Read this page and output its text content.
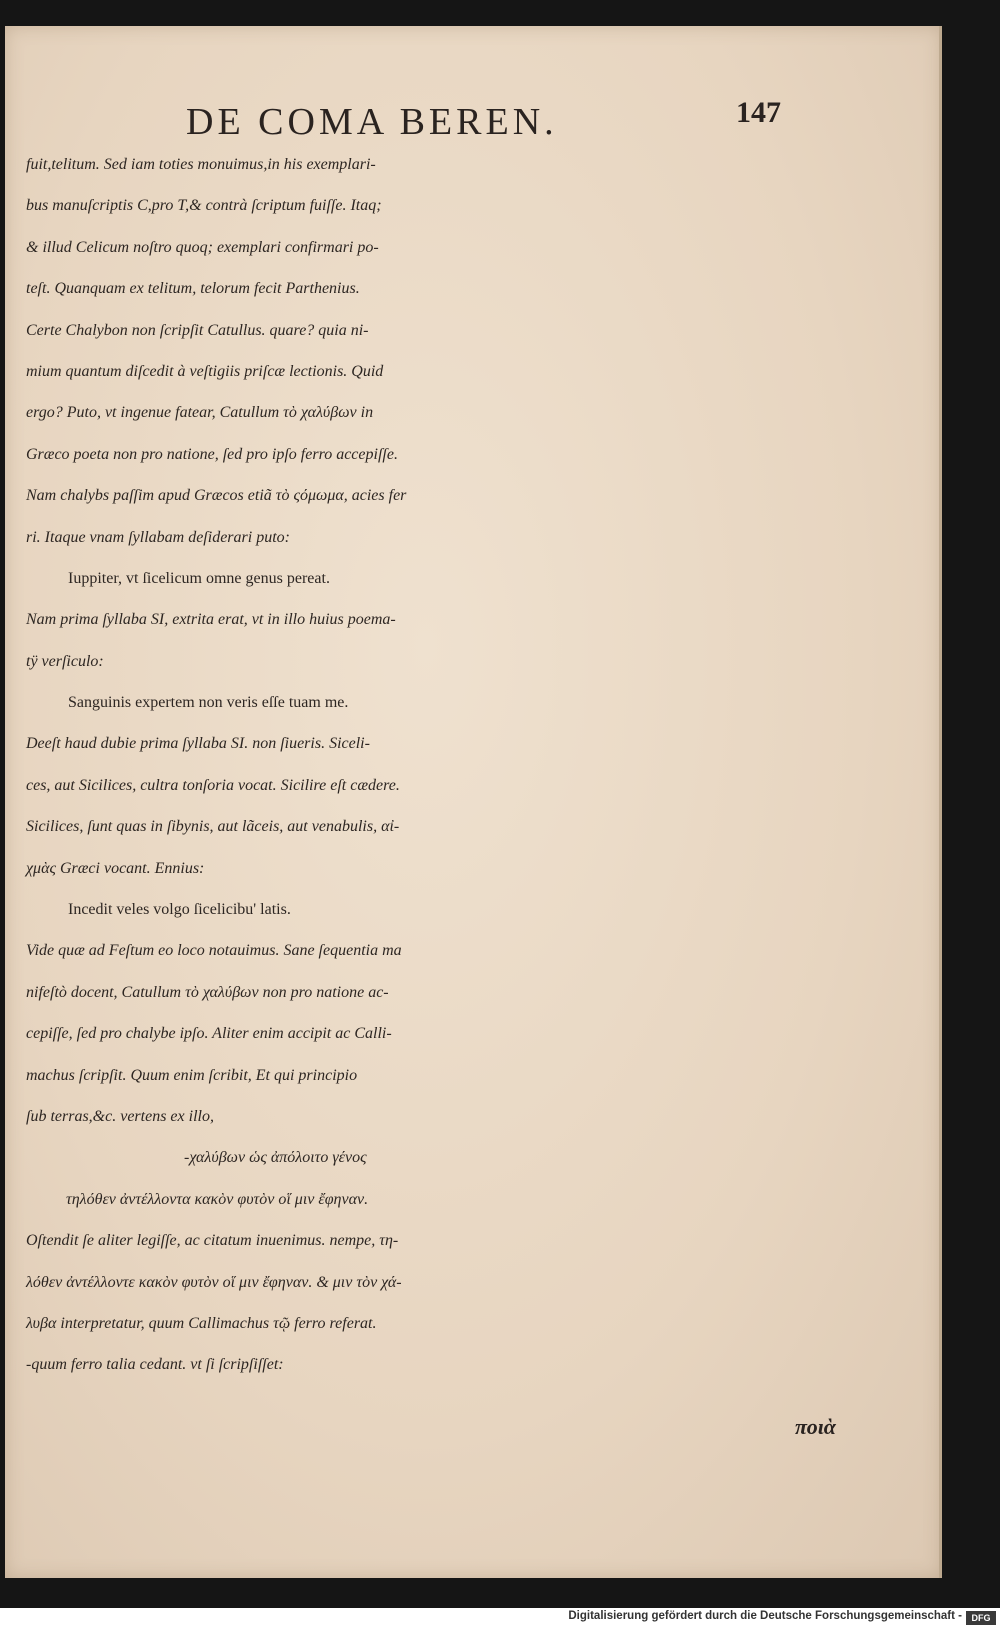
DE COMA BEREN.	147
fuit,telitum. Sed iam toties monuimus,in his exemplari-
bus manuſcriptis C,pro T,& contrà ſcriptum fuiſſe. Itaq;
& illud Celicum noſtro quoq; exemplari confirmari po-
teſt. Quanquam ex telitum, telorum fecit Parthenius.
Certe Chalybon non ſcripſit Catullus. quare? quia ni-
mium quantum diſcedit à veſtigiis priſcæ lectionis. Quid
ergo? Puto, vt ingenue fatear, Catullum τὸ χαλύβων in
Græco poeta non pro natione, ſed pro ipſo ferro accepiſſe.
Nam chalybs paſſim apud Græcos etiã τὸ ςόμωμα, acies fer
ri. Itaque vnam ſyllabam deſiderari puto:
Iuppiter, vt ſicelicum omne genus pereat.
Nam prima ſyllaba SI, extrita erat, vt in illo huius poema-
tÿ verſiculo:
Sanguinis expertem non veris eſſe tuam me.
Deeſt haud dubie prima ſyllaba SI. non ſiueris. Siceli-
ces, aut Sicilices, cultra tonſoria vocat. Sicilire eſt cædere.
Sicilices, ſunt quas in ſibynis, aut lãceis, aut venabulis, αἰ-
χμὰς Græci vocant. Ennius:
Incedit veles volgo ſicelicibu' latis.
Vide quæ ad Feſtum eo loco notauimus. Sane ſequentia ma
nifeſtò docent, Catullum τὸ χαλύβων non pro natione ac-
cepiſſe, ſed pro chalybe ipſo. Aliter enim accipit ac Calli-
machus ſcripſit. Quum enim ſcribit, Et qui principio
ſub terras,&c. vertens ex illo,
-χαλύβων ὡς ἀπόλοιτο γένος
τηλόθεν ἀντέλλοντα κακὸν φυτὸν οἵ μιν ἔφηναν.
Oſtendit ſe aliter legiſſe, ac citatum inuenimus. nempe, τη-
λόθεν ἀντέλλοντε κακὸν φυτὸν οἵ μιν ἔφηναν. & μιν τὸν χά-
λυβα interpretatur, quum Callimachus τῷ ferro referat.
-quum ferro talia cedant. vt ſi ſcripſiſſet:
ποιὰ
Digitalisierung gefördert durch die Deutsche Forschungsgemeinschaft -	DFG
